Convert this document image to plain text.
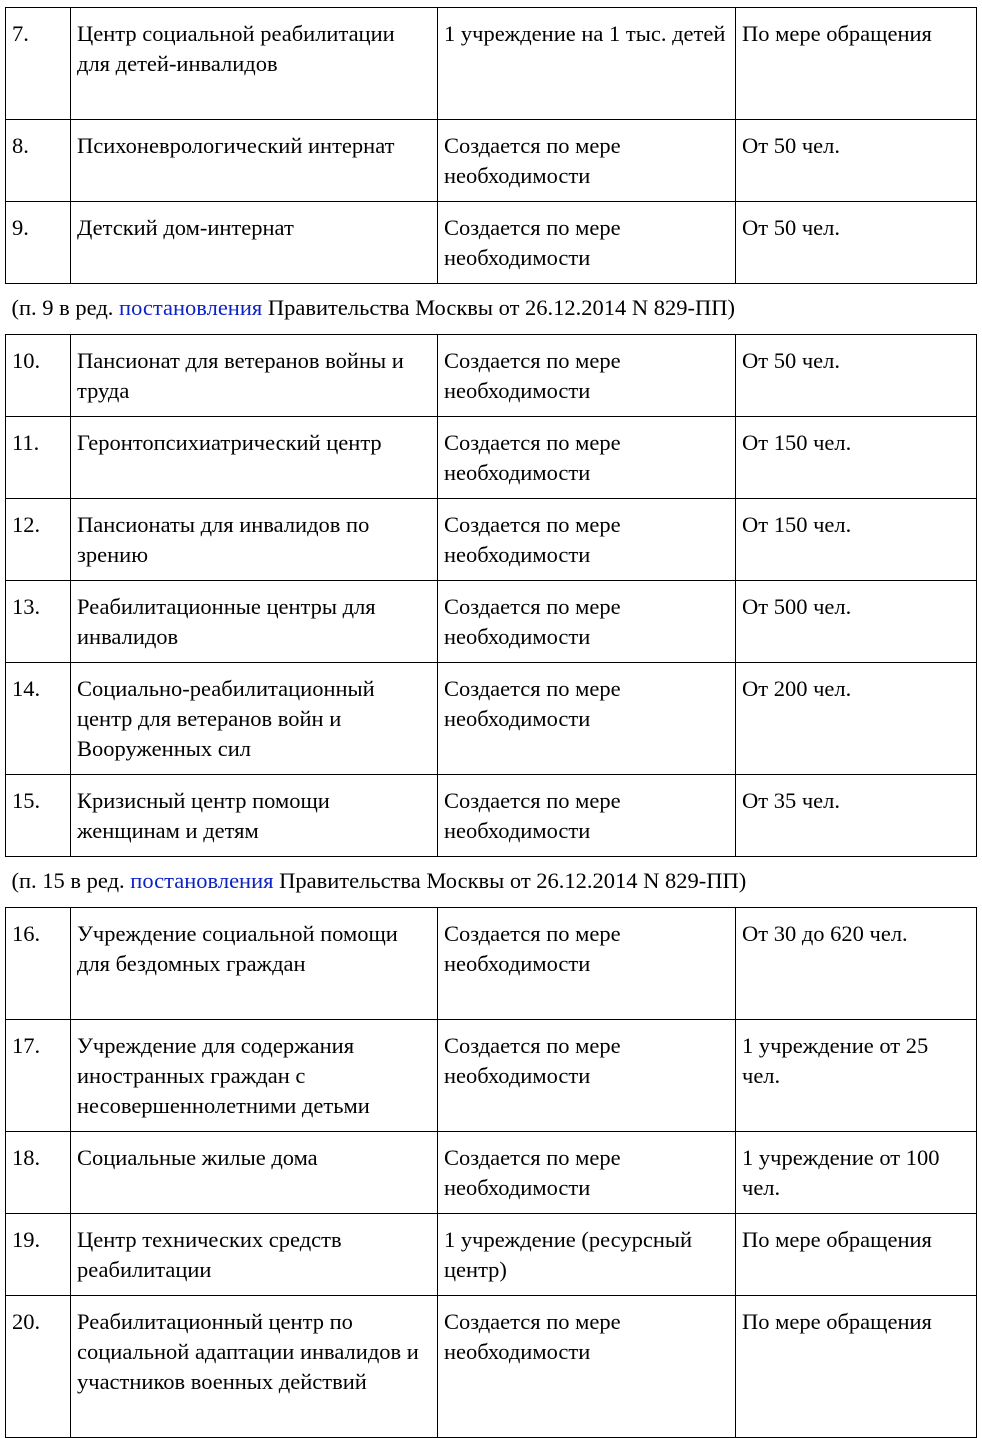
7.	Центр социальной реабилитации для детей-инвалидов	1 учреждение на 1 тыс. детей	По мере обращения
8.	Психоневрологический интернат	Создается по мере необходимости	От 50 чел.
9.	Детский дом-интернат	Создается по мере необходимости	От 50 чел.
(п. 9 в ред. постановления Правительства Москвы от 26.12.2014 N 829-ПП)			
10.	Пансионат для ветеранов войны и труда	Создается по мере необходимости	От 50 чел.
11.	Геронтопсихиатрический центр	Создается по мере необходимости	От 150 чел.
12.	Пансионаты для инвалидов по зрению	Создается по мере необходимости	От 150 чел.
13.	Реабилитационные центры для инвалидов	Создается по мере необходимости	От 500 чел.
14.	Социально-реабилитационный центр для ветеранов войн и Вооруженных сил	Создается по мере необходимости	От 200 чел.
15.	Кризисный центр помощи женщинам и детям	Создается по мере необходимости	От 35 чел.
(п. 15 в ред. постановления Правительства Москвы от 26.12.2014 N 829-ПП)			
16.	Учреждение социальной помощи для бездомных граждан	Создается по мере необходимости	От 30 до 620 чел.
17.	Учреждение для содержания иностранных граждан с несовершеннолетними детьми	Создается по мере необходимости	1 учреждение от 25 чел.
18.	Социальные жилые дома	Создается по мере необходимости	1 учреждение от 100 чел.
19.	Центр технических средств реабилитации	1 учреждение (ресурсный центр)	По мере обращения
20.	Реабилитационный центр по социальной адаптации инвалидов и участников военных действий	Создается по мере необходимости	По мере обращения
